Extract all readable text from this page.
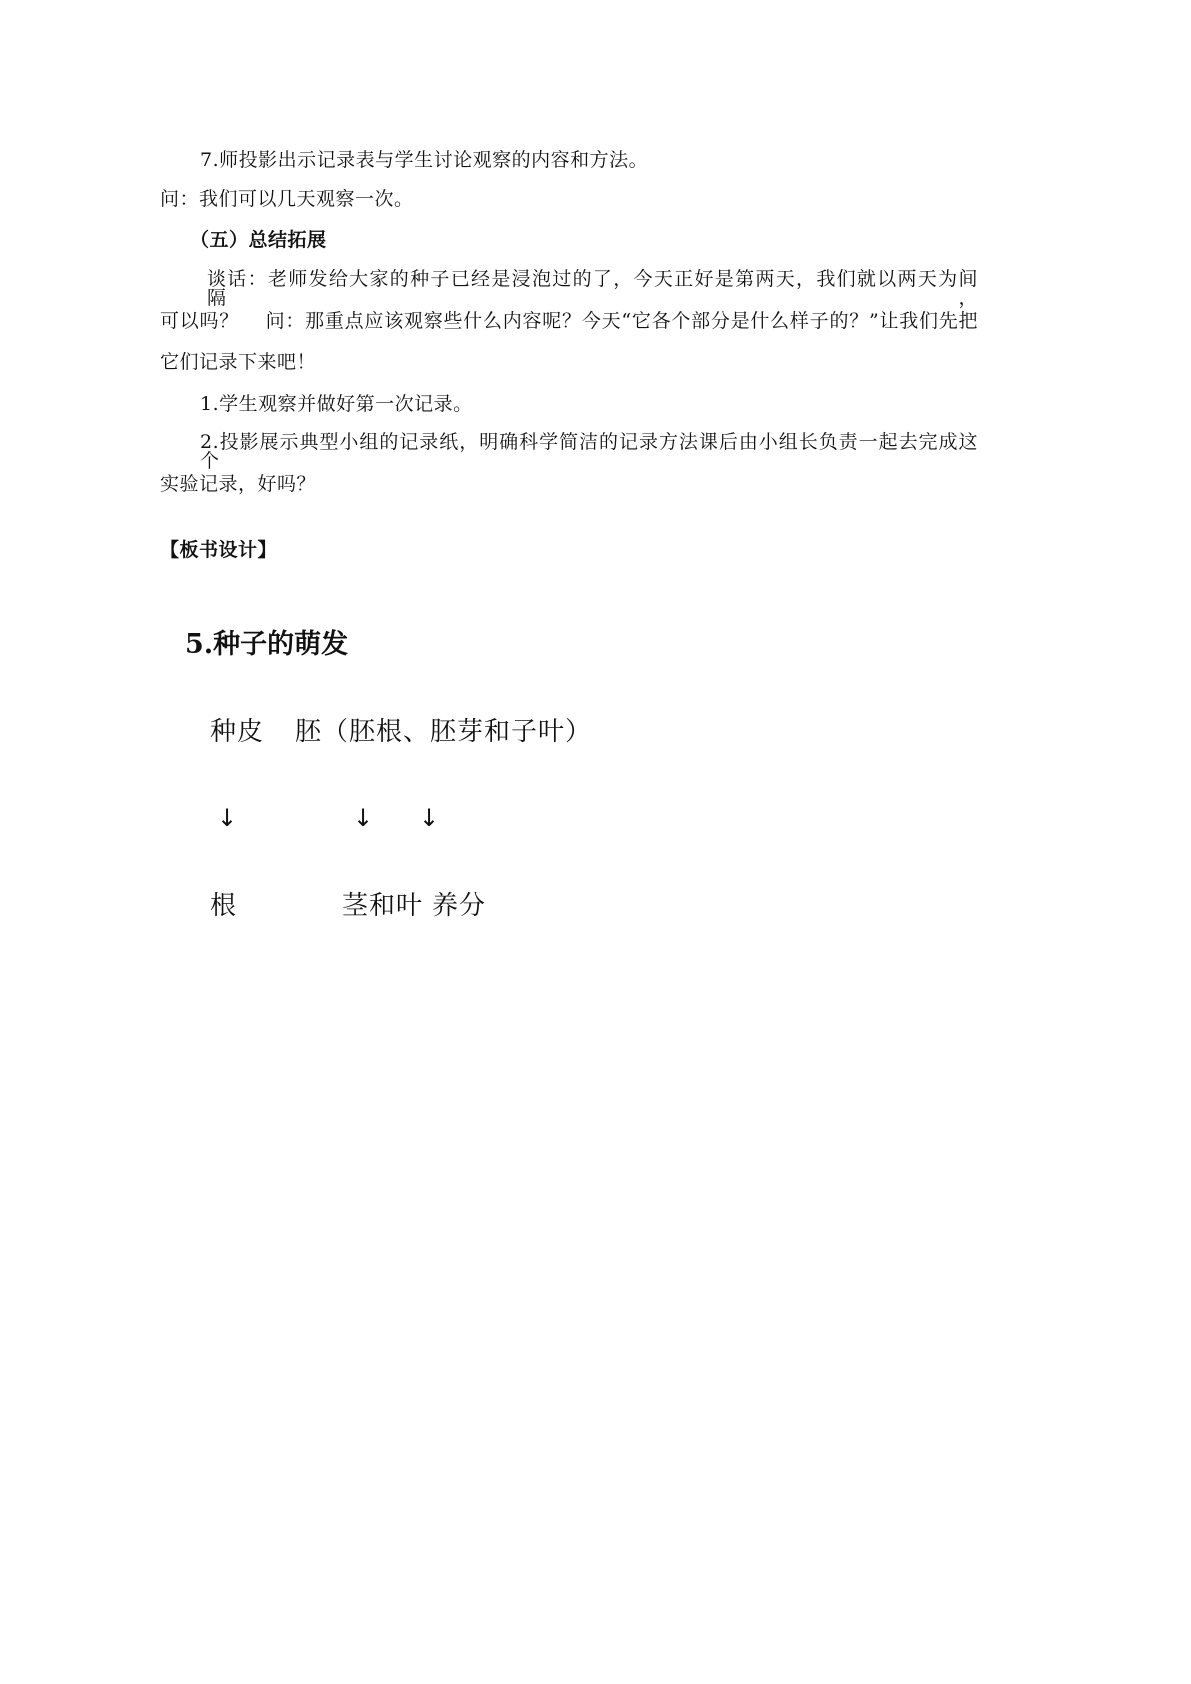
7.师投影出示记录表与学生讨论观察的内容和方法。
问：我们可以几天观察一次。
（五）总结拓展
谈话：老师发给大家的种子已经是浸泡过的了，今天正好是第两天，我们就以两天为间隔，
可以吗？　 问：那重点应该观察些什么内容呢？今天“它各个部分是什么样子的？”让我们先把
它们记录下来吧！
1.学生观察并做好第一次记录。
2.投影展示典型小组的记录纸，明确科学简洁的记录方法课后由小组长负责一起去完成这个
实验记录，好吗？
【板书设计】
5.种子的萌发
种皮 胚（胚根、胚芽和子叶）
↓	↓ ↓
根	茎和叶 养分
